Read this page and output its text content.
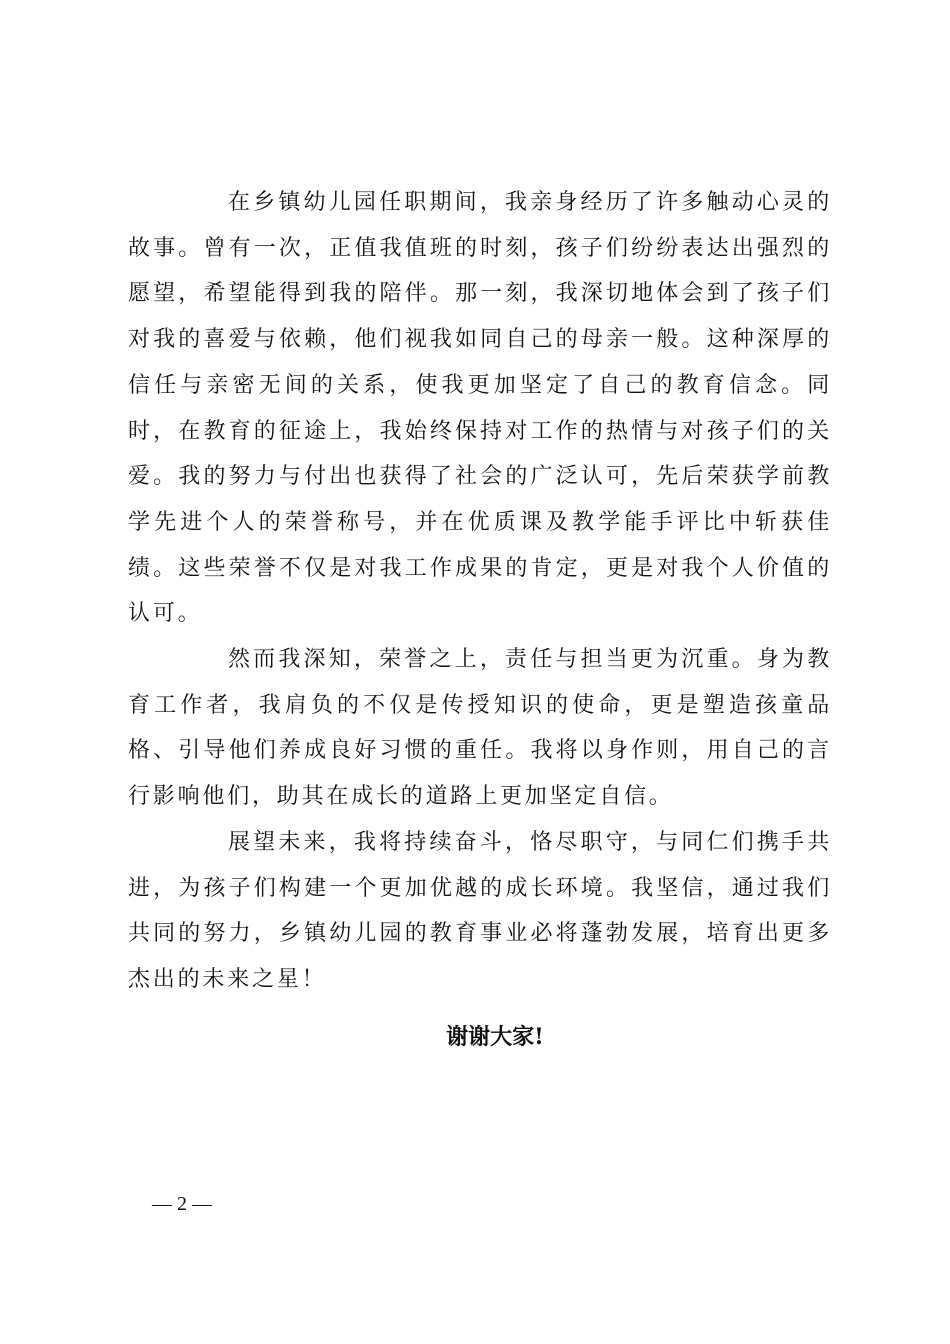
在乡镇幼儿园任职期间，我亲身经历了许多触动心灵的故事。曾有一次，正值我值班的时刻，孩子们纷纷表达出强烈的愿望，希望能得到我的陪伴。那一刻，我深切地体会到了孩子们对我的喜爱与依赖，他们视我如同自己的母亲一般。这种深厚的信任与亲密无间的关系，使我更加坚定了自己的教育信念。同时，在教育的征途上，我始终保持对工作的热情与对孩子们的关爱。我的努力与付出也获得了社会的广泛认可，先后荣获学前教学先进个人的荣誉称号，并在优质课及教学能手评比中斩获佳绩。这些荣誉不仅是对我工作成果的肯定，更是对我个人价值的认可。

然而我深知，荣誉之上，责任与担当更为沉重。身为教育工作者，我肩负的不仅是传授知识的使命，更是塑造孩童品格、引导他们养成良好习惯的重任。我将以身作则，用自己的言行影响他们，助其在成长的道路上更加坚定自信。

展望未来，我将持续奋斗，恪尽职守，与同仁们携手共进，为孩子们构建一个更加优越的成长环境。我坚信，通过我们共同的努力，乡镇幼儿园的教育事业必将蓬勃发展，培育出更多杰出的未来之星！

谢谢大家!

— 2 —
